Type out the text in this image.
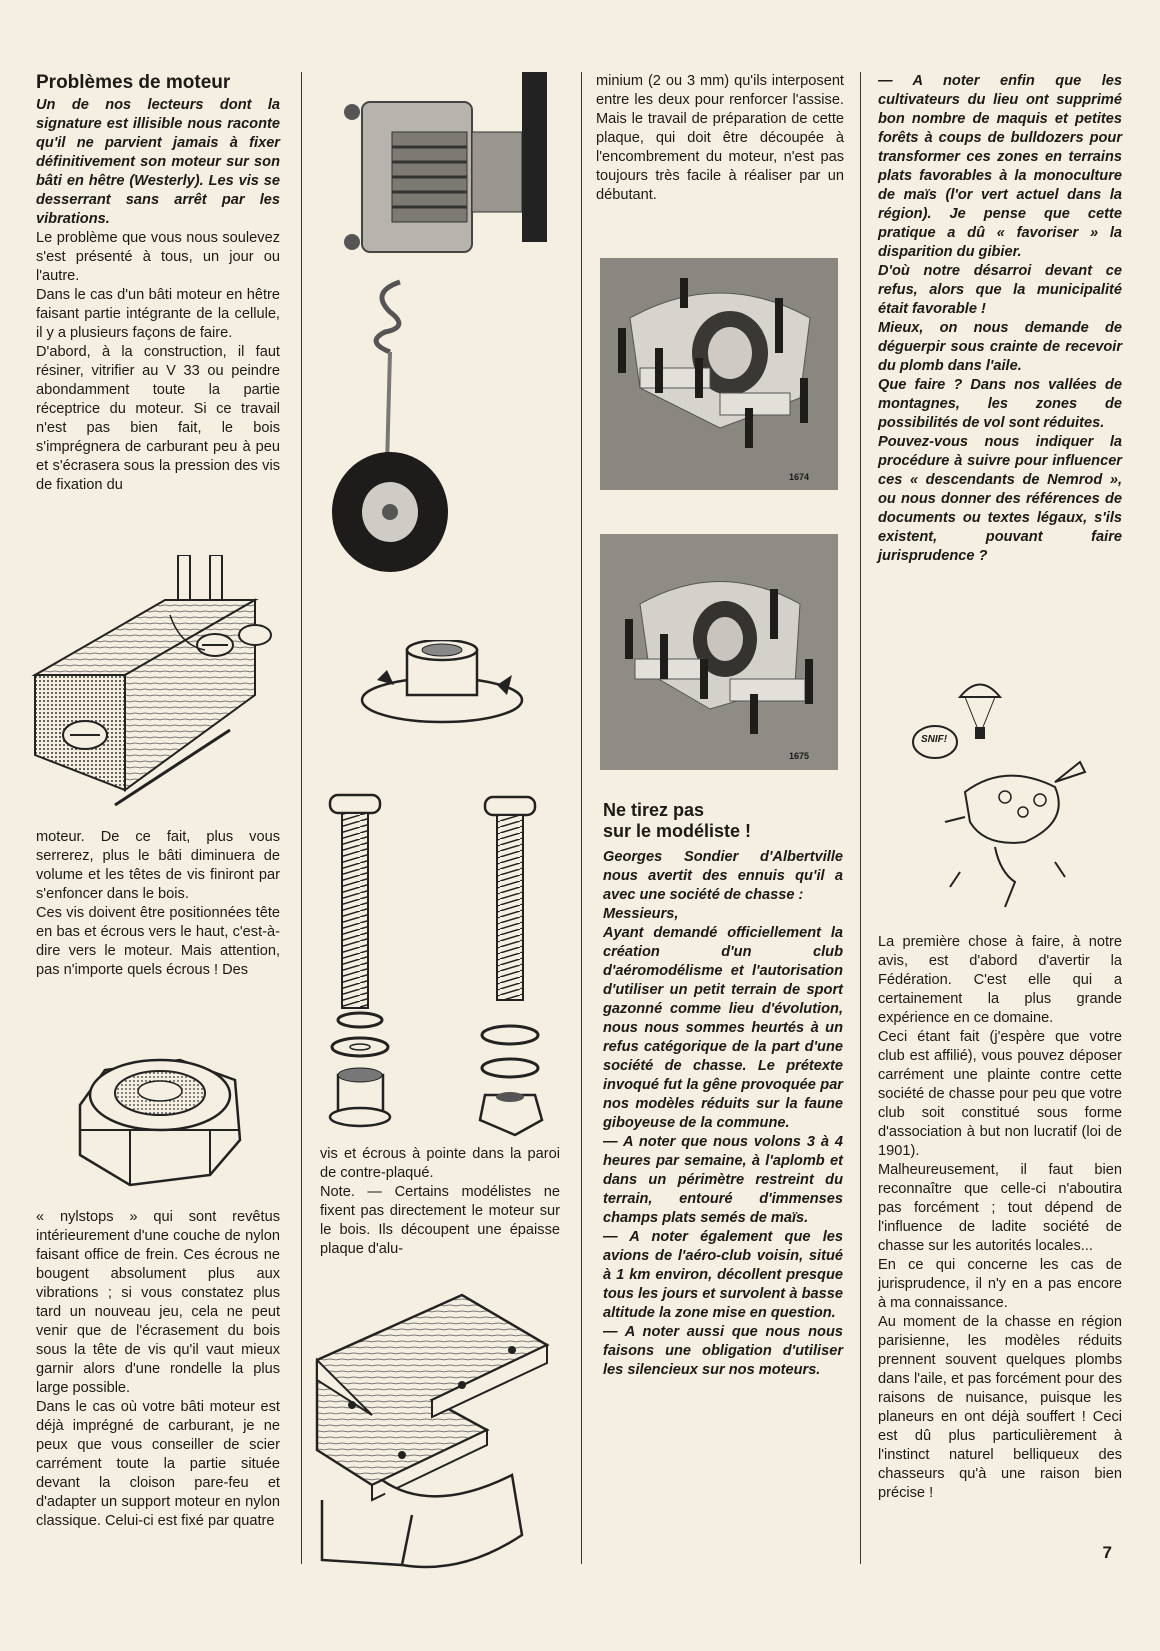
Problèmes de moteur

Un de nos lecteurs dont la signature est illisible nous raconte qu'il ne parvient jamais à fixer définitivement son moteur sur son bâti en hêtre (Westerly). Les vis se desserrant sans arrêt par les vibrations.

Le problème que vous nous soulevez s'est présenté à tous, un jour ou l'autre.

Dans le cas d'un bâti moteur en hêtre faisant partie intégrante de la cellule, il y a plusieurs façons de faire.

D'abord, à la construction, il faut résiner, vitrifier au V 33 ou peindre abondamment toute la partie réceptrice du moteur. Si ce travail n'est pas bien fait, le bois s'imprégnera de carburant peu à peu et s'écrasera sous la pression des vis de fixation du

moteur. De ce fait, plus vous serrerez, plus le bâti diminuera de volume et les têtes de vis finiront par s'enfoncer dans le bois.

Ces vis doivent être positionnées tête en bas et écrous vers le haut, c'est-à-dire vers le moteur. Mais attention, pas n'importe quels écrous ! Des

« nylstops » qui sont revêtus intérieurement d'une couche de nylon faisant office de frein. Ces écrous ne bougent absolument plus aux vibrations ; si vous constatez plus tard un nouveau jeu, cela ne peut venir que de l'écrasement du bois sous la tête de vis qu'il vaut mieux garnir alors d'une rondelle la plus large possible.

Dans le cas où votre bâti moteur est déjà imprégné de carburant, je ne peux que vous conseiller de scier carrément toute la partie située devant la cloison pare-feu et d'adapter un support moteur en nylon classique. Celui-ci est fixé par quatre

vis et écrous à pointe dans la paroi de contre-plaqué.

Note. — Certains modélistes ne fixent pas directement le moteur sur le bois. Ils découpent une épaisse plaque d'alu-

minium (2 ou 3 mm) qu'ils interposent entre les deux pour renforcer l'assise. Mais le travail de préparation de cette plaque, qui doit être découpée à l'encombrement du moteur, n'est pas toujours très facile à réaliser par un débutant.

1674
1675
Ne tirez pas
sur le modéliste !

Georges Sondier d'Albertville nous avertit des ennuis qu'il a avec une société de chasse :

Messieurs,

Ayant demandé officiellement la création d'un club d'aéromodélisme et l'autorisation d'utiliser un petit terrain de sport gazonné comme lieu d'évolution, nous nous sommes heurtés à un refus catégorique de la part d'une société de chasse. Le prétexte invoqué fut la gêne provoquée par nos modèles réduits sur la faune giboyeuse de la commune.

— A noter que nous volons 3 à 4 heures par semaine, à l'aplomb et dans un périmètre restreint du terrain, entouré d'immenses champs plats semés de maïs.

— A noter également que les avions de l'aéro-club voisin, situé à 1 km environ, décollent presque tous les jours et survolent à basse altitude la zone mise en question.

— A noter aussi que nous nous faisons une obligation d'utiliser les silencieux sur nos moteurs.

— A noter enfin que les cultivateurs du lieu ont supprimé bon nombre de maquis et petites forêts à coups de bulldozers pour transformer ces zones en terrains plats favorables à la monoculture de maïs (l'or vert actuel dans la région). Je pense que cette pratique a dû « favoriser » la disparition du gibier.

D'où notre désarroi devant ce refus, alors que la municipalité était favorable !

Mieux, on nous demande de déguerpir sous crainte de recevoir du plomb dans l'aile.

Que faire ? Dans nos vallées de montagnes, les zones de possibilités de vol sont réduites.

Pouvez-vous nous indiquer la procédure à suivre pour influencer ces « descendants de Nemrod », ou nous donner des références de documents ou textes légaux, s'ils existent, pouvant faire jurisprudence ?

SNIF!

La première chose à faire, à notre avis, est d'abord d'avertir la Fédération. C'est elle qui a certainement la plus grande expérience en ce domaine.

Ceci étant fait (j'espère que votre club est affilié), vous pouvez déposer carrément une plainte contre cette société de chasse pour peu que votre club soit constitué sous forme d'association à but non lucratif (loi de 1901).

Malheureusement, il faut bien reconnaître que celle-ci n'aboutira pas forcément ; tout dépend de l'influence de ladite société de chasse sur les autorités locales...

En ce qui concerne les cas de jurisprudence, il n'y en a pas encore à ma connaissance.

Au moment de la chasse en région parisienne, les modèles réduits prennent souvent quelques plombs dans l'aile, et pas forcément pour des raisons de nuisance, puisque les planeurs en ont déjà souffert ! Ceci est dû plus particulièrement à l'instinct naturel belliqueux des chasseurs qu'à une raison bien précise !

7
